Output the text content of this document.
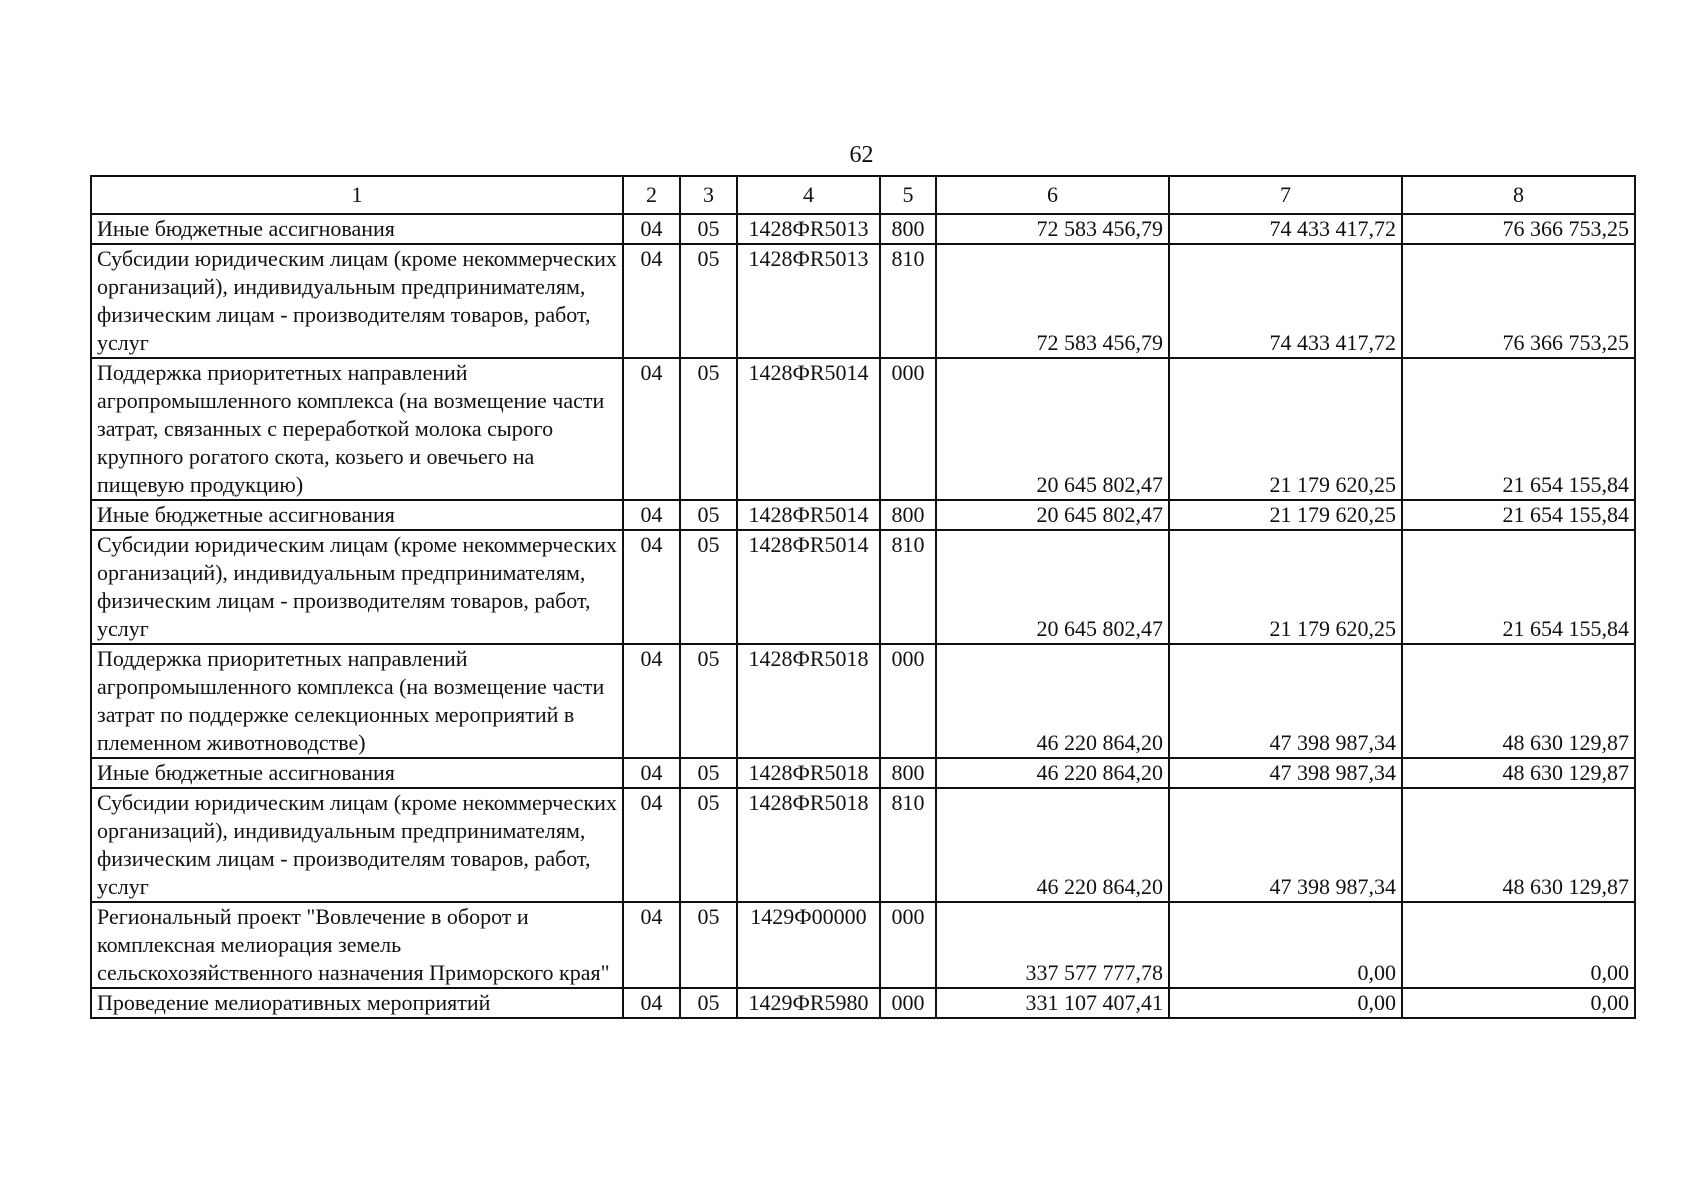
62
1	2	3	4	5	6	7	8
Иные бюджетные ассигнования	04	05	1428ФR5013	800	72 583 456,79	74 433 417,72	76 366 753,25
Субсидии юридическим лицам (кроме некоммерческих организаций), индивидуальным предпринимателям, физическим лицам - производителям товаров, работ, услуг	04	05	1428ФR5013	810	72 583 456,79	74 433 417,72	76 366 753,25
Поддержка приоритетных направлений агропромышленного комплекса (на возмещение части затрат, связанных с переработкой молока сырого крупного рогатого скота, козьего и овечьего на пищевую продукцию)	04	05	1428ФR5014	000	20 645 802,47	21 179 620,25	21 654 155,84
Иные бюджетные ассигнования	04	05	1428ФR5014	800	20 645 802,47	21 179 620,25	21 654 155,84
Субсидии юридическим лицам (кроме некоммерческих организаций), индивидуальным предпринимателям, физическим лицам - производителям товаров, работ, услуг	04	05	1428ФR5014	810	20 645 802,47	21 179 620,25	21 654 155,84
Поддержка приоритетных направлений агропромышленного комплекса (на возмещение части затрат по поддержке селекционных мероприятий в племенном животноводстве)	04	05	1428ФR5018	000	46 220 864,20	47 398 987,34	48 630 129,87
Иные бюджетные ассигнования	04	05	1428ФR5018	800	46 220 864,20	47 398 987,34	48 630 129,87
Субсидии юридическим лицам (кроме некоммерческих организаций), индивидуальным предпринимателям, физическим лицам - производителям товаров, работ, услуг	04	05	1428ФR5018	810	46 220 864,20	47 398 987,34	48 630 129,87
Региональный проект "Вовлечение в оборот и комплексная мелиорация земель сельскохозяйственного назначения Приморского края"	04	05	1429Ф00000	000	337 577 777,78	0,00	0,00
Проведение мелиоративных мероприятий	04	05	1429ФR5980	000	331 107 407,41	0,00	0,00
